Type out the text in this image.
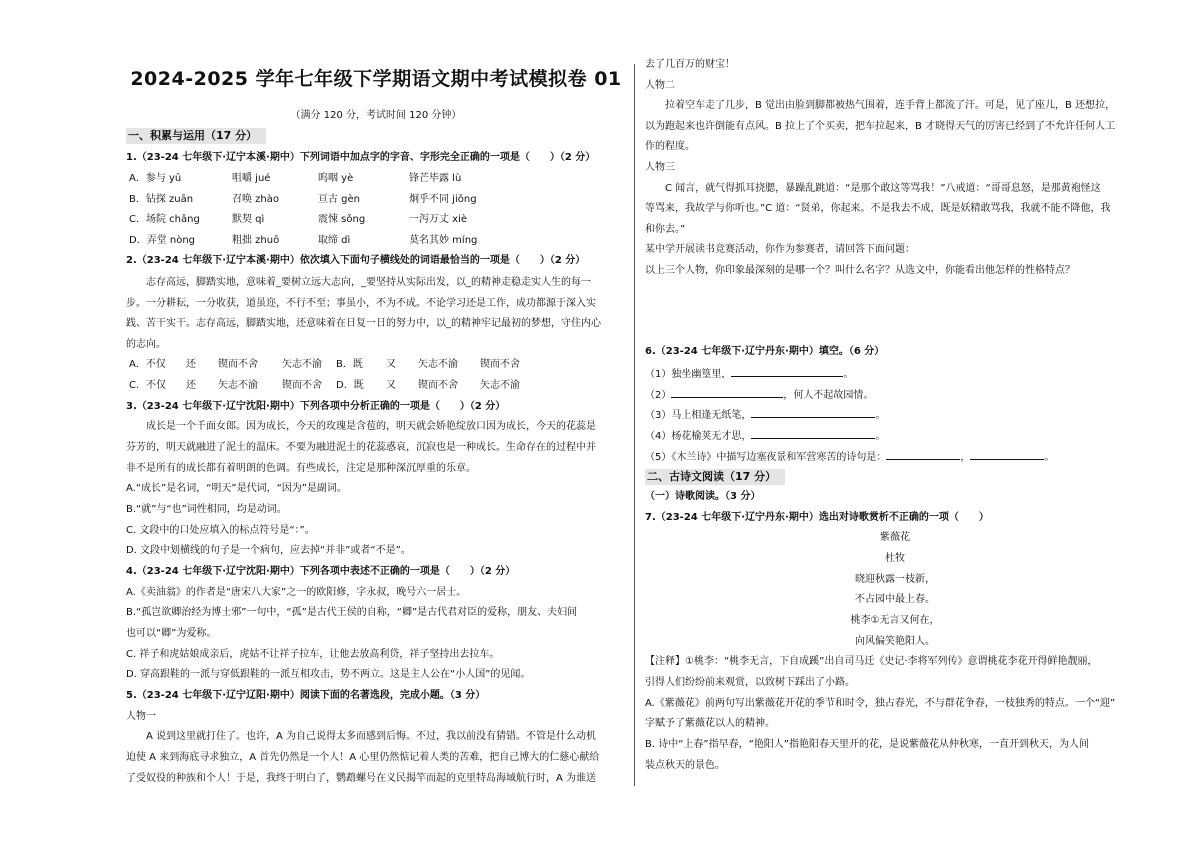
2024-2025 学年七年级下学期语文期中考试模拟卷 01
（满分 120 分，考试时间 120 分钟）
一、积累与运用（17 分）
1.（23-24 七年级下·辽宁本溪·期中）下列词语中加点字的字音、字形完全正确的一项是（　　）（2 分）
A．参与 yū	咀嚼 jué	呜咽 yè	锋芒毕露 lù
B．钻探 zuān	召唤 zhào	亘古 gèn	炯乎不同 jiǒng
C．场院 chǎng	默契 qì	震悚 sǒng	一泻万丈 xiè
D．弄堂 nòng	粗拙 zhuō	取缔 dì	莫名其妙 míng
2.（23-24 七年级下·辽宁本溪·期中）依次填入下面句子横线处的词语最恰当的一项是（　　）（2 分）
　　志存高远，脚踏实地，意味着_要树立远大志向，_要坚持从实际出发，以_的精神走稳走实人生的每一
步。一分耕耘，一分收获，道虽迩，不行不至；事虽小，不为不成。不论学习还是工作，成功都源于深入实
践、苦干实干。志存高远，脚踏实地，还意味着在日复一日的努力中，以_的精神牢记最初的梦想，守住内心
的志向。
A．不仅 还 锲而不舍 矢志不渝 B．既 又 矢志不渝 锲而不舍
C．不仅 还 矢志不渝 锲而不舍 D．既 又 锲而不舍 矢志不渝
3.（23-24 七年级下·辽宁沈阳·期中）下列各项中分析正确的一项是（　　）（2 分）
　　成长是一个千面女郎。因为成长，今天的玫瑰是含苞的，明天就会娇艳绽放口因为成长，今天的花蕊是
芬芳的，明天就融进了泥土的温床。不要为融进泥土的花蕊惑哀，沉寂也是一种成长。生命存在的过程中并
非不是所有的成长都有着明朗的色调。有些成长，注定是那种深沉厚重的乐章。
A.“成长”是名词，“明天”是代词，“因为”是副词。
B.“就”与“也”词性相同，均是动词。
C. 文段中的口处应填入的标点符号是“：”。
D. 文段中划横线的句子是一个病句，应去掉“并非”或者“不是”。
4.（23-24 七年级下·辽宁沈阳·期中）下列各项中表述不正确的一项是（　　）（2 分）
A.《卖油翁》的作者是“唐宋八大家”之一的欧阳修，字永叔，晚号六一居士。
B.“孤岂欲卿治经为博士邪”一句中，“孤”是古代王侯的自称，“卿”是古代君对臣的爱称，朋友、夫妇间
也可以“卿”为爱称。
C. 祥子和虎姑娘成亲后，虎姑不让祥子拉车，让他去放高利贷，祥子坚持出去拉车。
D. 穿高跟鞋的一派与穿低跟鞋的一派互相攻击，势不两立。这是主人公在“小人国”的见闻。
5.（23-24 七年级下·辽宁辽阳·期中）阅读下面的名著选段，完成小题。（3 分）
人物一
　　A 说到这里就打住了。也许，A 为自己说得太多而感到后悔。不过，我以前没有猜错。不管是什么动机
迫使 A 来到海底寻求独立，A 首先仍然是一个人！A 心里仍然惦记着人类的苦难，把自己博大的仁慈心献给
了受奴役的种族和个人！于是，我终于明白了，鹦鹉螺号在义民揭竿而起的克里特岛海域航行时，A 为谁送
去了几百万的财宝！
人物二
　　拉着空车走了几步，B 觉出由脸到脚都被热气围着，连手背上都流了汗。可是，见了座儿，B 还想拉，
以为跑起来也许倒能有点风。B 拉上了个买卖，把车拉起来，B 才晓得天气的厉害已经到了不允许任何人工
作的程度。
人物三
　　C 闻言，就气得抓耳挠腮，暴躁乱跳道：“是那个敢这等骂我！”八戒道：“哥哥息怒，是那黄袍怪这
等骂来，我故学与你听也。”C 道：“贤弟，你起来。不是我去不成，既是妖精敢骂我，我就不能不降他，我
和你去。”
某中学开展读书竞赛活动，你作为参赛者，请回答下面问题：
以上三个人物，你印象最深刻的是哪一个？叫什么名字？从选文中，你能看出他怎样的性格特点？
6.（23-24 七年级下·辽宁丹东·期中）填空。（6 分）
（1）独坐幽篁里，	。
（2）	，何人不起故园情。
（3）马上相逢无纸笔，	。
（4）杨花榆荚无才思，	。
（5）《木兰诗》中描写边塞夜景和军营寒苦的诗句是：	，	。
二、古诗文阅读（17 分）
（一）诗歌阅读。（3 分）
7.（23-24 七年级下·辽宁丹东·期中）选出对诗歌赏析不正确的一项（　　）
紫薇花
杜牧
晓迎秋露一枝新，
不占园中最上春。
桃李①无言又何在，
向风偏笑艳阳人。
【注释】①桃李：“桃李无言，下自成蹊”出自司马迁《史记·李将军列传》意谓桃花李花开得鲜艳靓丽，
引得人们纷纷前来观赏，以致树下踩出了小路。
A.《紫薇花》前两句写出紫薇花开花的季节和时令，独占春光，不与群花争春，一枝独秀的特点。一个“迎”
字赋予了紫薇花以人的精神。
B. 诗中“上春”指早春，“艳阳人”指艳阳春天里开的花，是说紫薇花从仲秋寒，一直开到秋天，为人间
装点秋天的景色。
